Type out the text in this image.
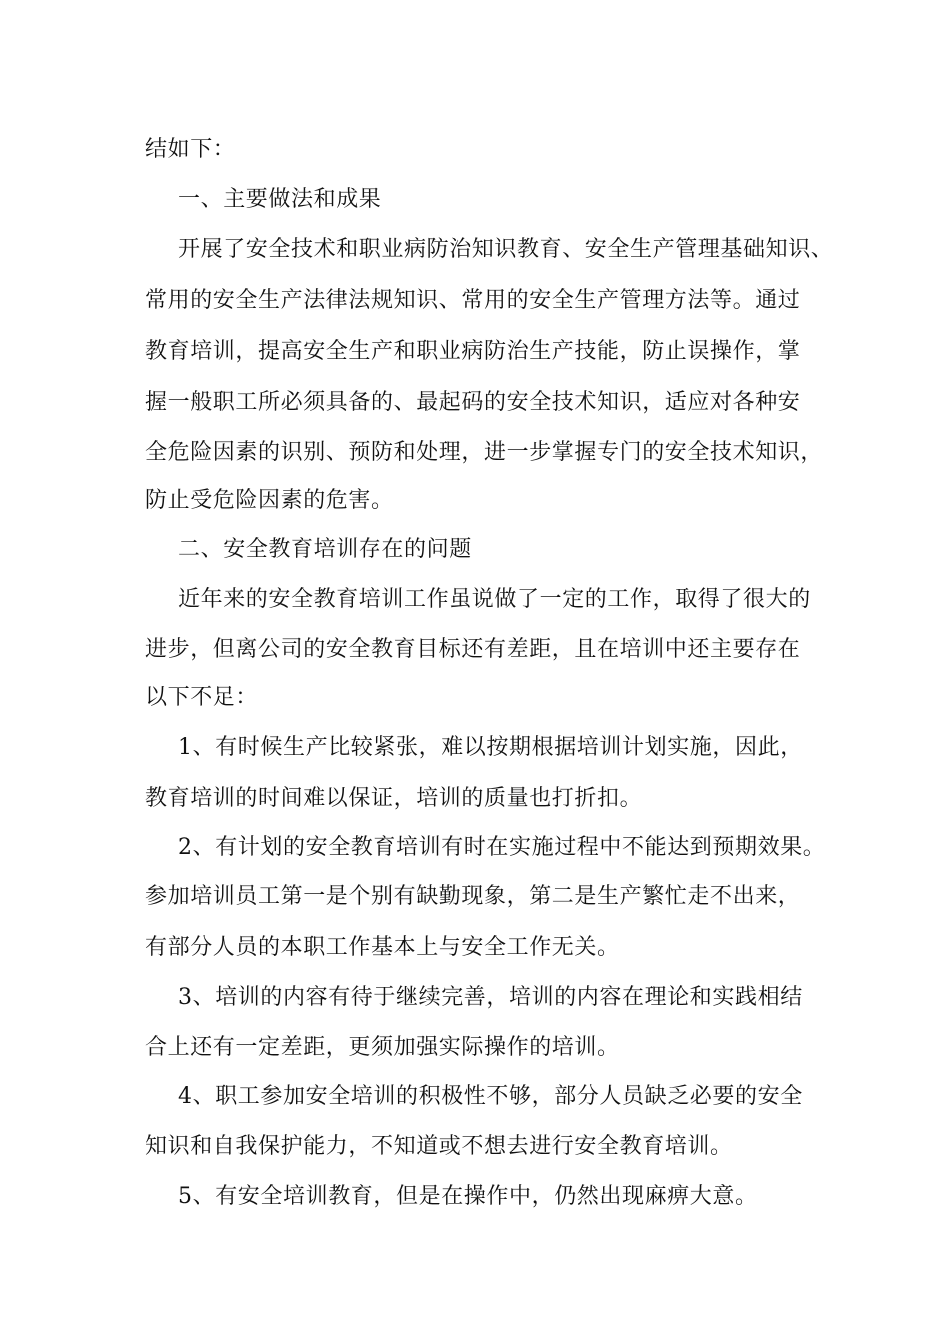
结如下：

一、主要做法和成果

开展了安全技术和职业病防治知识教育、安全生产管理基础知识、

常用的安全生产法律法规知识、常用的安全生产管理方法等。通过

教育培训，提高安全生产和职业病防治生产技能，防止误操作，掌

握一般职工所必须具备的、最起码的安全技术知识，适应对各种安

全危险因素的识别、预防和处理，进一步掌握专门的安全技术知识，

防止受危险因素的危害。

二、安全教育培训存在的问题

近年来的安全教育培训工作虽说做了一定的工作，取得了很大的

进步，但离公司的安全教育目标还有差距，且在培训中还主要存在

以下不足：

1、有时候生产比较紧张，难以按期根据培训计划实施，因此，

教育培训的时间难以保证，培训的质量也打折扣。

2、有计划的安全教育培训有时在实施过程中不能达到预期效果。

参加培训员工第一是个别有缺勤现象，第二是生产繁忙走不出来，

有部分人员的本职工作基本上与安全工作无关。

3、培训的内容有待于继续完善，培训的内容在理论和实践相结

合上还有一定差距，更须加强实际操作的培训。

4、职工参加安全培训的积极性不够，部分人员缺乏必要的安全

知识和自我保护能力，不知道或不想去进行安全教育培训。

5、有安全培训教育，但是在操作中，仍然出现麻痹大意。
